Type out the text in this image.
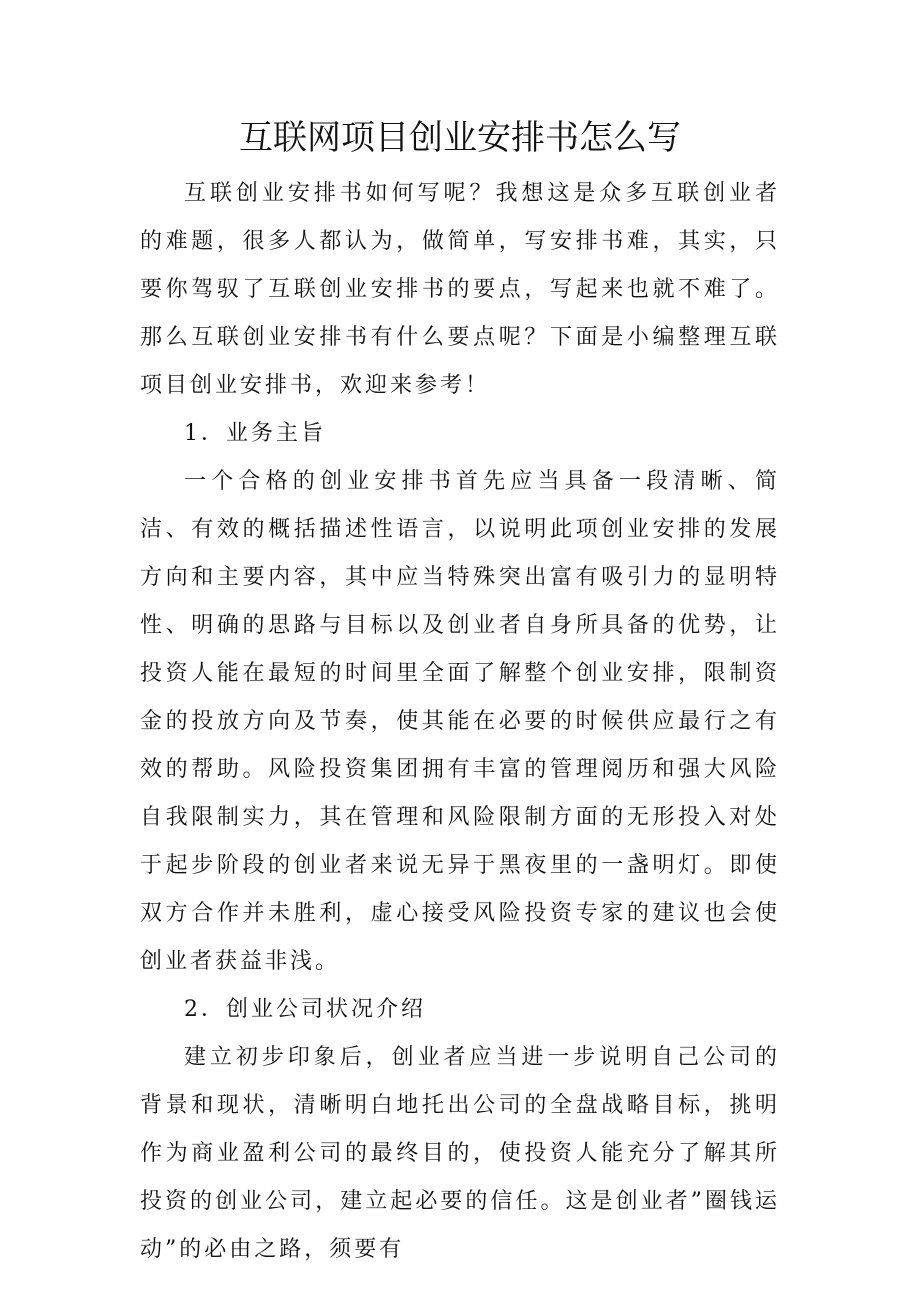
互联网项目创业安排书怎么写

互联创业安排书如何写呢？我想这是众多互联创业者的难题，很多人都认为，做简单，写安排书难，其实，只要你驾驭了互联创业安排书的要点，写起来也就不难了。那么互联创业安排书有什么要点呢？下面是小编整理互联项目创业安排书，欢迎来参考！

1．业务主旨

一个合格的创业安排书首先应当具备一段清晰、简洁、有效的概括描述性语言，以说明此项创业安排的发展方向和主要内容，其中应当特殊突出富有吸引力的显明特性、明确的思路与目标以及创业者自身所具备的优势，让投资人能在最短的时间里全面了解整个创业安排，限制资金的投放方向及节奏，使其能在必要的时候供应最行之有效的帮助。风险投资集团拥有丰富的管理阅历和强大风险自我限制实力，其在管理和风险限制方面的无形投入对处于起步阶段的创业者来说无异于黑夜里的一盏明灯。即使双方合作并未胜利，虚心接受风险投资专家的建议也会使创业者获益非浅。

2．创业公司状况介绍

建立初步印象后，创业者应当进一步说明自己公司的背景和现状，清晰明白地托出公司的全盘战略目标，挑明作为商业盈利公司的最终目的，使投资人能充分了解其所投资的创业公司，建立起必要的信任。这是创业者”圈钱运动”的必由之路，须要有
